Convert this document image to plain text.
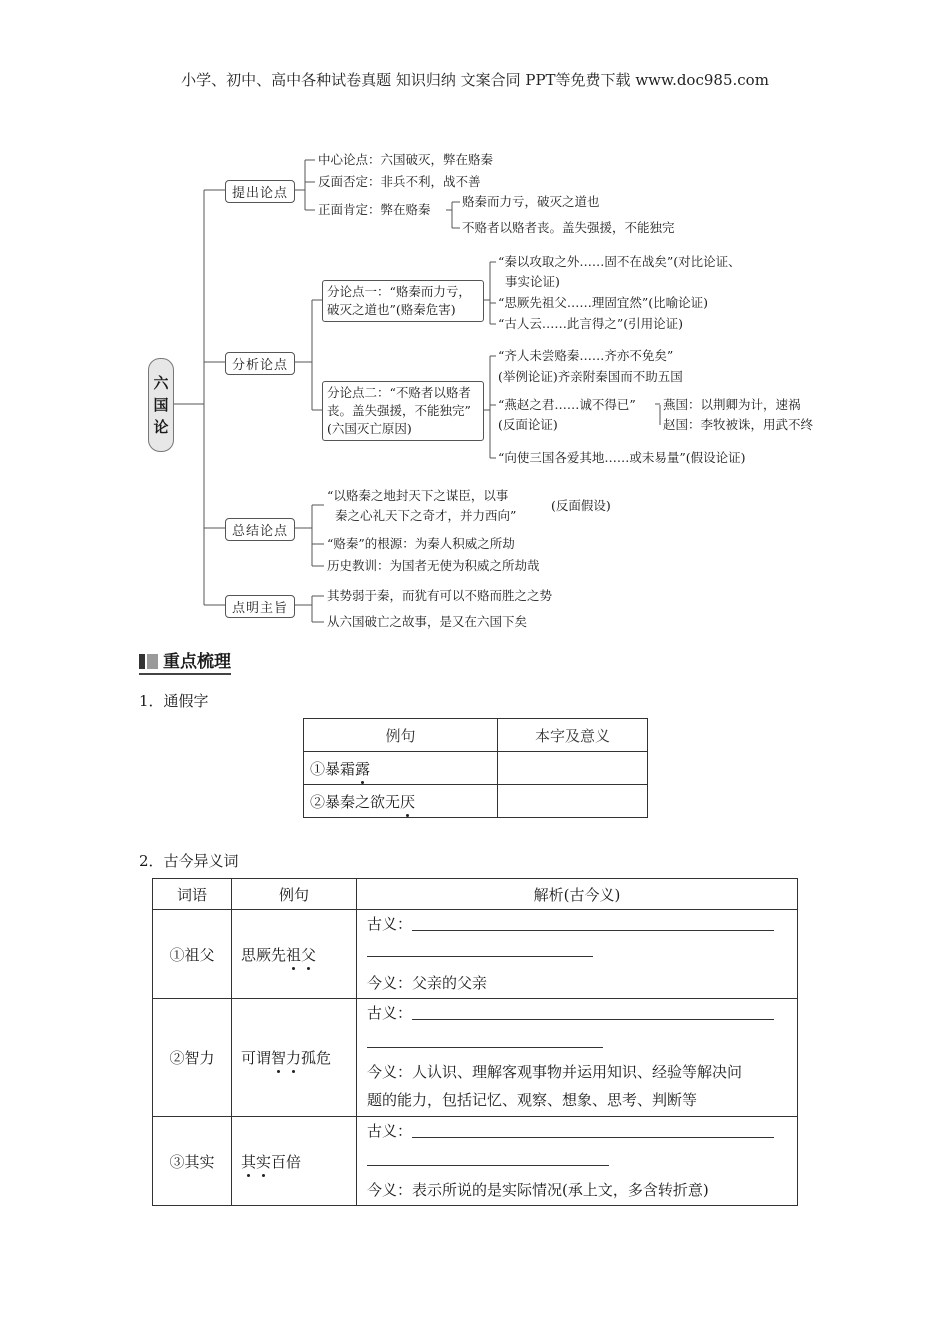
小学、初中、高中各种试卷真题 知识归纳 文案合同 PPT等免费下载 www.doc985.com
六
国
论
提出论点
分析论点
总结论点
点明主旨
中心论点：六国破灭，弊在赂秦
反面否定：非兵不利，战不善
正面肯定：弊在赂秦
赂秦而力亏，破灭之道也
不赂者以赂者丧。盖失强援，不能独完
分论点一：“赂秦而力亏，
破灭之道也”(赂秦危害)
“秦以攻取之外……固不在战矣”(对比论证、
事实论证)
“思厥先祖父……理固宜然”(比喻论证)
“古人云……此言得之”(引用论证)
分论点二：“不赂者以赂者
丧。盖失强援，不能独完”
(六国灭亡原因)
“齐人未尝赂秦……齐亦不免矣”
(举例论证)齐亲附秦国而不助五国
“燕赵之君……诚不得已”
(反面论证)
燕国：以荆卿为计，速祸
赵国：李牧被诛，用武不终
“向使三国各爱其地……或未易量”(假设论证)
“以赂秦之地封天下之谋臣，以事
秦之心礼天下之奇才，并力西向”
(反面假设)
“赂秦”的根源：为秦人积威之所劫
历史教训：为国者无使为积威之所劫哉
其势弱于秦，而犹有可以不赂而胜之之势
从六国破亡之故事，是又在六国下矣
重点梳理
1．通假字
例句	本字及意义
①暴霜露	
②暴秦之欲无厌	
2．古今异义词
词语	例句	解析(古今义)
①祖父	思厥先祖父	古义：
今义：父亲的父亲

②智力	可谓智力孤危	古义：
今义：人认识、理解客观事物并运用知识、经验等解决问
题的能力，包括记忆、观察、想象、思考、判断等

③其实	其实百倍	古义：
今义：表示所说的是实际情况(承上文，多含转折意)
